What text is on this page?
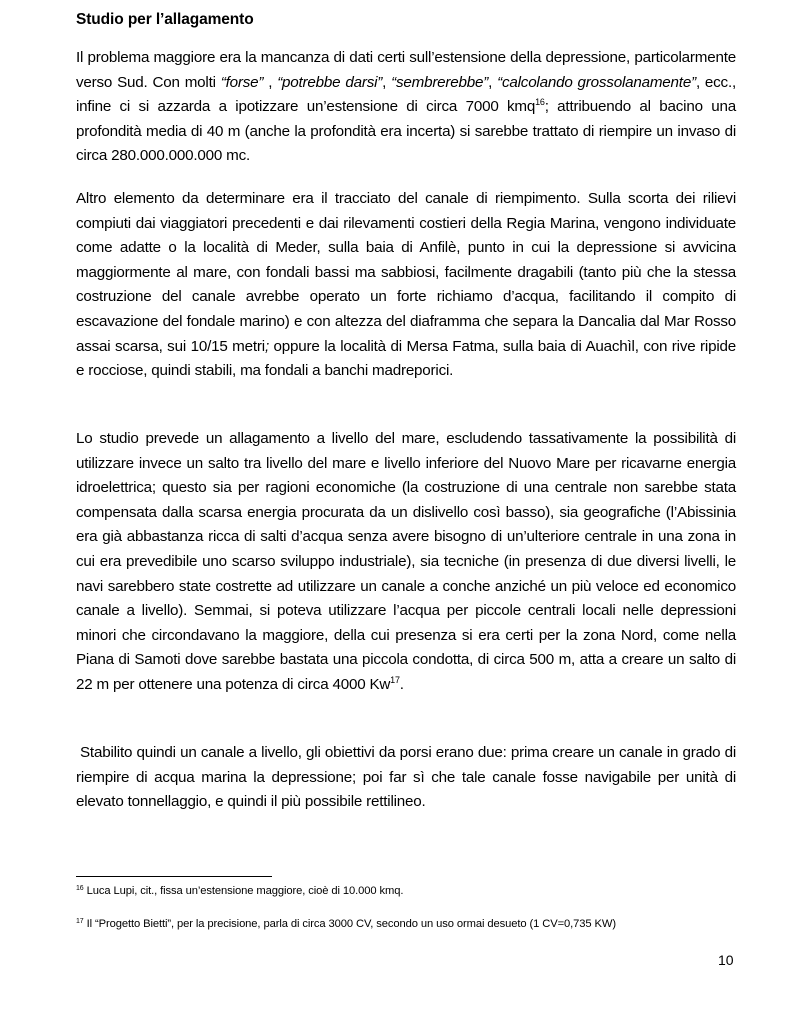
Studio per l’allagamento

Il problema maggiore era la mancanza di dati certi sull’estensione della depressione, particolarmente verso Sud. Con molti “forse” , “potrebbe darsi”, “sembrerebbe”, “calcolando grossolanamente”, ecc., infine ci si azzarda a ipotizzare un’estensione di circa 7000 kmq$^{16}$; attribuendo al bacino una profondità media di 40 m (anche la profondità era incerta) si sarebbe trattato di riempire un invaso di circa 280.000.000.000 mc.

Altro elemento da determinare era il tracciato del canale di riempimento. Sulla scorta dei rilievi compiuti dai viaggiatori precedenti e dai rilevamenti costieri della Regia Marina, vengono individuate come adatte o la località di Meder, sulla baia di Anfilè, punto in cui la depressione si avvicina maggiormente al mare, con fondali bassi ma sabbiosi, facilmente dragabili (tanto più che la stessa costruzione del canale avrebbe operato un forte richiamo d’acqua, facilitando il compito di escavazione del fondale marino) e con altezza del diaframma che separa la Dancalia dal Mar Rosso assai scarsa, sui 10/15 metri; oppure la località di Mersa Fatma, sulla baia di Auachìl, con rive ripide e rocciose, quindi stabili, ma fondali a banchi madreporici.

Lo studio prevede un allagamento a livello del mare, escludendo tassativamente la possibilità di utilizzare invece un salto tra livello del mare e livello inferiore del Nuovo Mare per ricavarne energia idroelettrica; questo sia per ragioni economiche (la costruzione di una centrale non sarebbe stata compensata dalla scarsa energia procurata da un dislivello così basso), sia geografiche (l’Abissinia era già abbastanza ricca di salti d’acqua senza avere bisogno di un’ulteriore centrale in una zona in cui era prevedibile uno scarso sviluppo industriale), sia tecniche (in presenza di due diversi livelli, le navi sarebbero state costrette ad utilizzare un canale a conche anziché un più veloce ed economico canale a livello). Semmai, si poteva utilizzare l’acqua per piccole centrali locali nelle depressioni minori che circondavano la maggiore, della cui presenza si era certi per la zona Nord, come nella Piana di Samoti dove sarebbe bastata una piccola condotta, di circa 500 m, atta a creare un salto di 22 m per ottenere una potenza di circa 4000 Kw$^{17}$.

Stabilito quindi un canale a livello, gli obiettivi da porsi erano due: prima creare un canale in grado di riempire di acqua marina la depressione; poi far sì che tale canale fosse navigabile per unità di elevato tonnellaggio, e quindi il più possibile rettilineo.

$^{16}$ Luca Lupi, cit., fissa un’estensione maggiore, cioè di 10.000 kmq.
$^{17}$ Il “Progetto Bietti”, per la precisione, parla di circa 3000 CV, secondo un uso ormai desueto (1 CV=0,735 KW)
10
